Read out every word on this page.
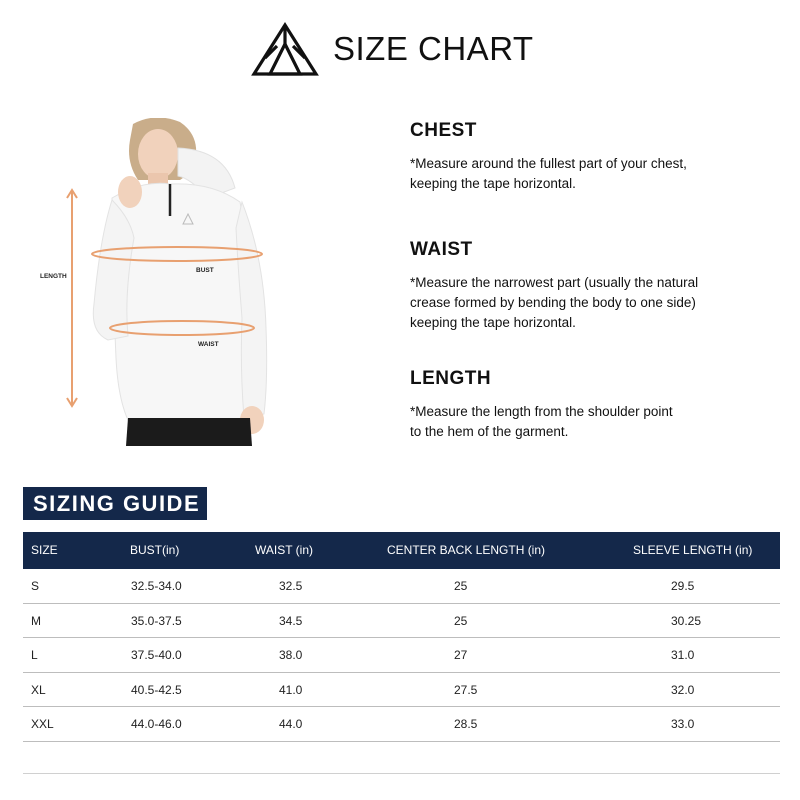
SIZE CHART
LENGTH
BUST
WAIST
CHEST

*Measure around the fullest part of your chest,
keeping the tape horizontal.

WAIST

*Measure the narrowest part (usually the natural
crease formed by bending the body to one side)
keeping the tape horizontal.

LENGTH

*Measure the length from the shoulder point
to the hem of the garment.

SIZING GUIDE
SIZE	BUST(in)	WAIST (in)	CENTER BACK LENGTH (in)	SLEEVE LENGTH (in)
S	32.5-34.0	32.5	25	29.5
M	35.0-37.5	34.5	25	30.25
L	37.5-40.0	38.0	27	31.0
XL	40.5-42.5	41.0	27.5	32.0
XXL	44.0-46.0	44.0	28.5	33.0
